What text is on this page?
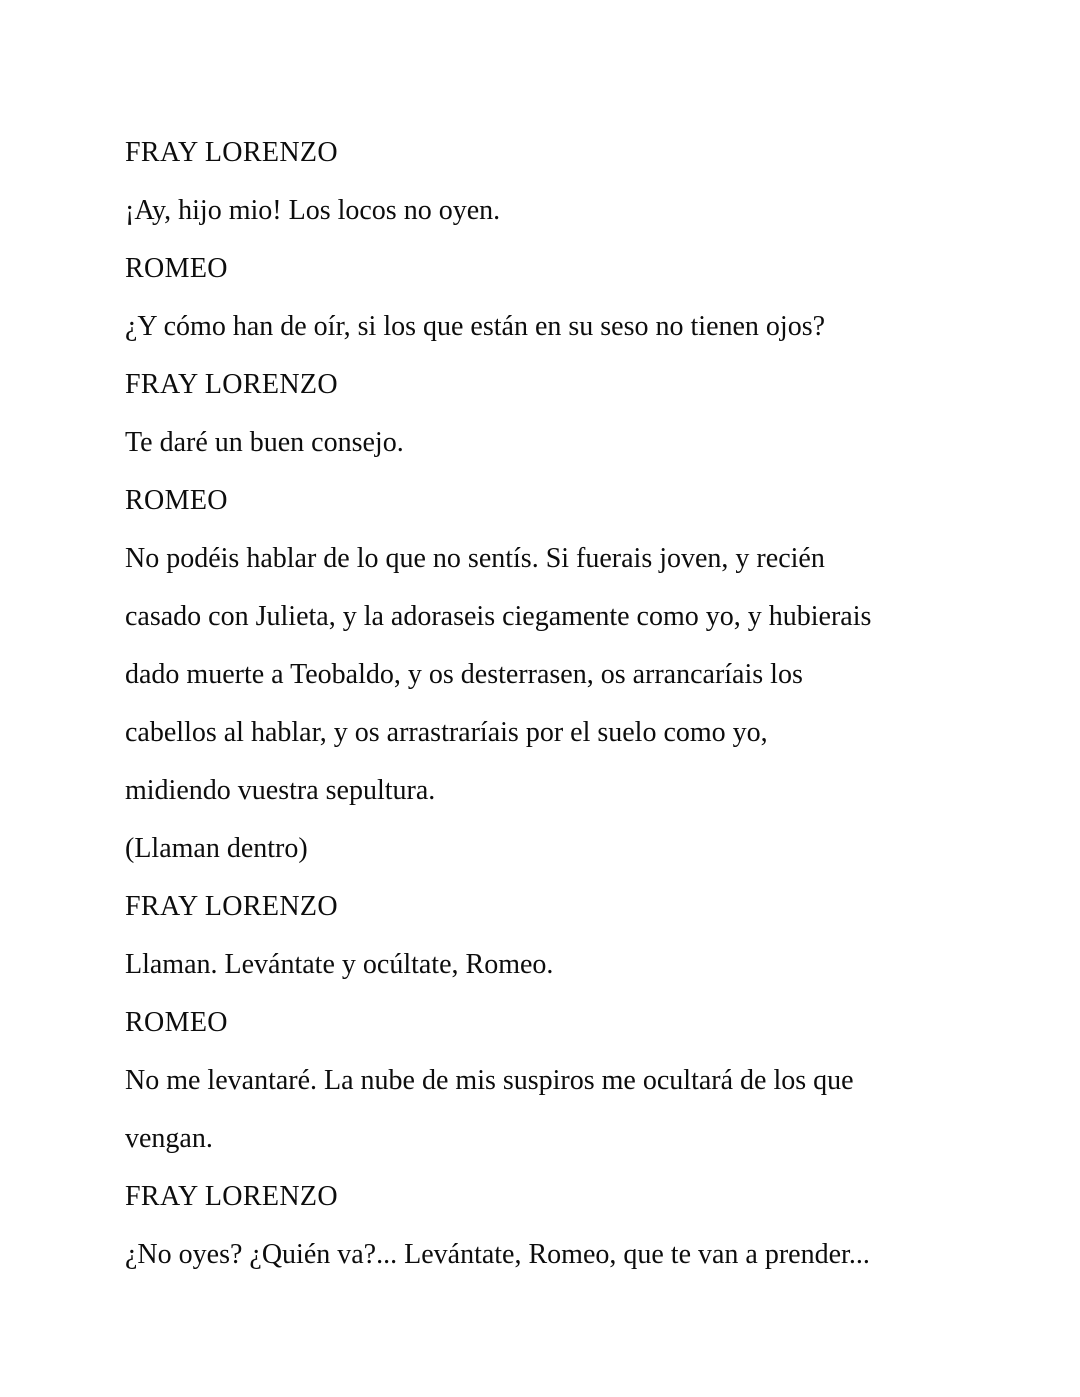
FRAY LORENZO

¡Ay, hijo mio! Los locos no oyen.

ROMEO

¿Y cómo han de oír, si los que están en su seso no tienen ojos?

FRAY LORENZO

Te daré un buen consejo.

ROMEO

No podéis hablar de lo que no sentís. Si fuerais joven, y recién casado con Julieta, y la adoraseis ciegamente como yo, y hubierais dado muerte a Teobaldo, y os desterrasen, os arrancaríais los cabellos al hablar, y os arrastraríais por el suelo como yo, midiendo vuestra sepultura.

(Llaman dentro)

FRAY LORENZO

Llaman. Levántate y ocúltate, Romeo.

ROMEO

No me levantaré. La nube de mis suspiros me ocultará de los que vengan.

FRAY LORENZO

¿No oyes? ¿Quién va?... Levántate, Romeo, que te van a prender...
